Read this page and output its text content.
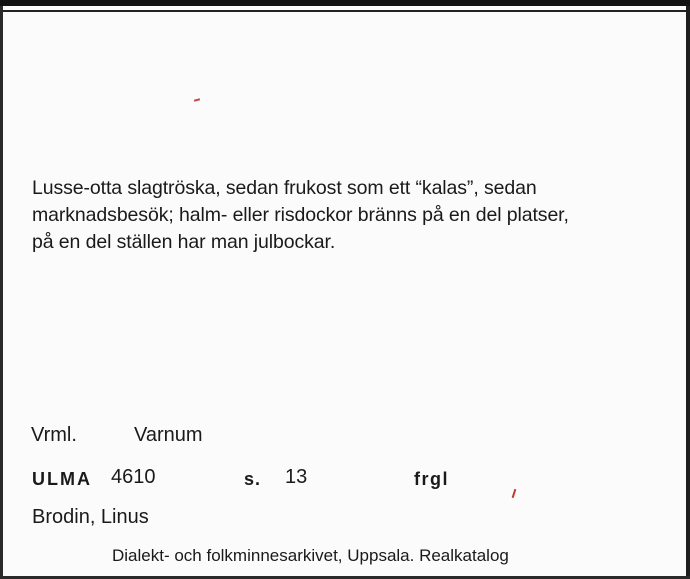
Lusse-otta slagtröska, sedan frukost som ett “kalas”, sedan
marknadsbesök; halm- eller risdockor bränns på en del platser,
på en del ställen har man julbockar.

Vrml.	Varnum
ULMA 4610	s. 13	frgl
Brodin, Linus
Dialekt- och folkminnesarkivet, Uppsala. Realkatalog
